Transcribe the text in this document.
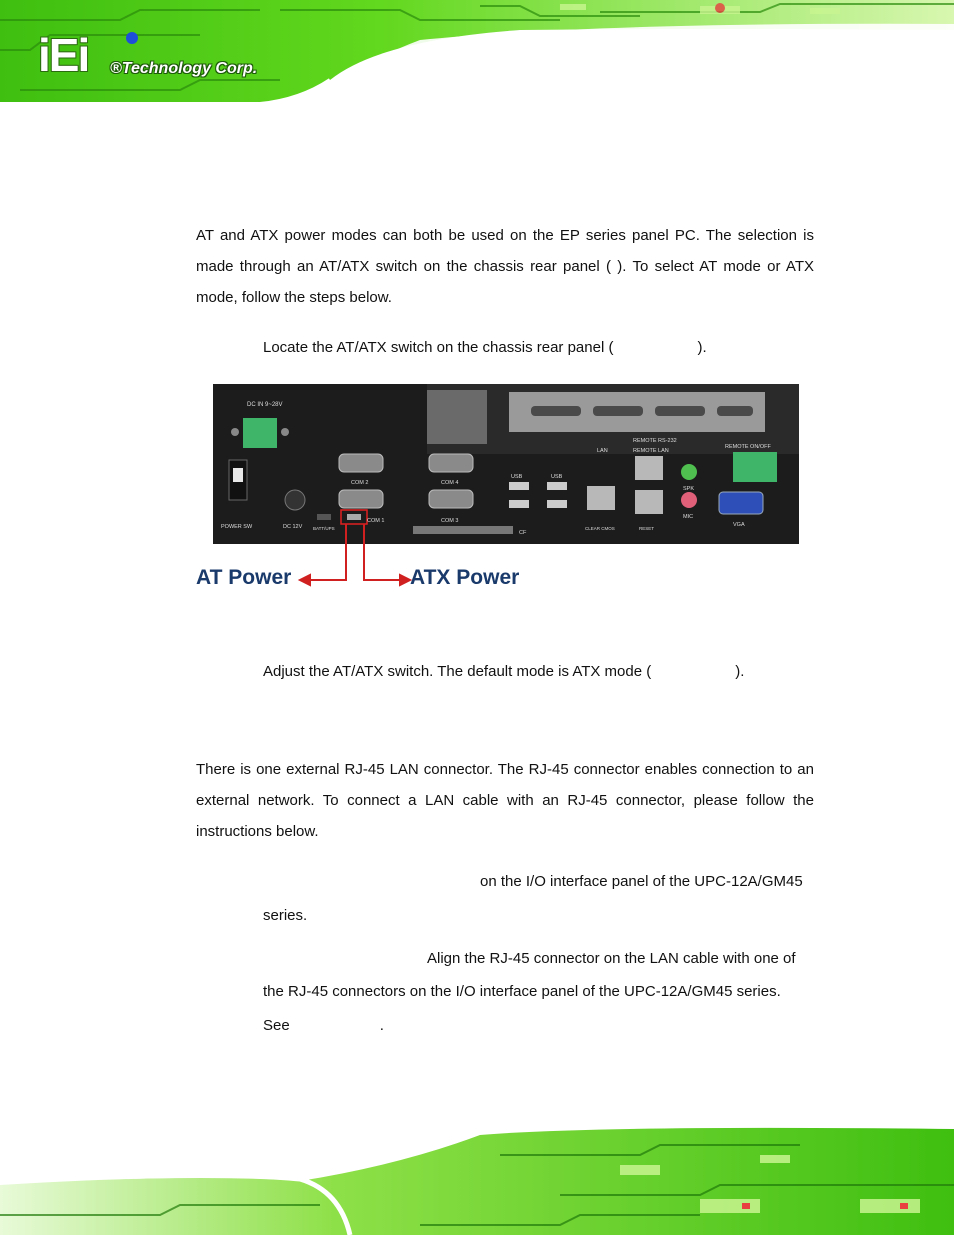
iEi ®Technology Corp.

AT and ATX power modes can both be used on the EP series panel PC. The selection is made through an AT/ATX switch on the chassis rear panel ( ). To select AT mode or ATX mode, follow the steps below.

Locate the AT/ATX switch on the chassis rear panel (	).
DC IN 9~28V
POWER SW	DC 12V BATT/UPS
COM 2
COM 1
COM 4
COM 3
CF
USB	USB
LAN
REMOTE RS-232
REMOTE LAN
CLEAR CMOS	RESET
SPK
MIC
REMOTE ON/OFF
VGA
AT Power	ATX Power
Adjust the AT/ATX switch. The default mode is ATX mode (	).

There is one external RJ-45 LAN connector. The RJ-45 connector enables connection to an external network. To connect a LAN cable with an RJ-45 connector, please follow the instructions below.

on the I/O interface panel of the UPC-12A/GM45
series.
Align the RJ-45 connector on the LAN cable with one of
the RJ-45 connectors on the I/O interface panel of the UPC-12A/GM45 series.
See	.
